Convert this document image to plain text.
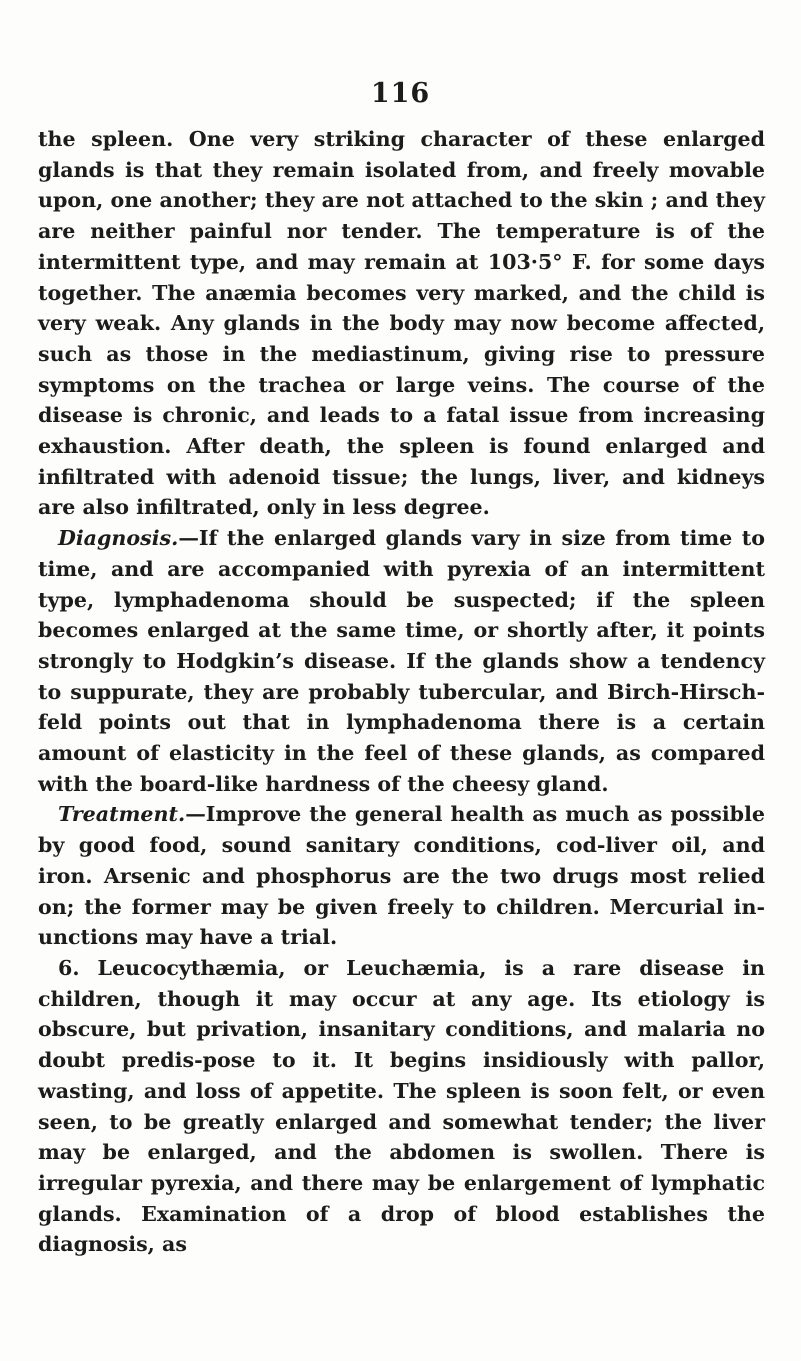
116

the spleen. One very striking character of these enlarged glands is that they remain isolated from, and freely movable upon, one another; they are not attached to the skin ; and they are neither painful nor tender. The temperature is of the intermittent type, and may remain at 103·5° F. for some days together. The anæmia becomes very marked, and the child is very weak. Any glands in the body may now become affected, such as those in the mediastinum, giving rise to pressure symptoms on the trachea or large veins. The course of the disease is chronic, and leads to a fatal issue from increasing exhaustion. After death, the spleen is found enlarged and infiltrated with adenoid tissue; the lungs, liver, and kidneys are also infiltrated, only in less degree.

Diagnosis.—If the enlarged glands vary in size from time to time, and are accompanied with pyrexia of an intermittent type, lymphadenoma should be suspected; if the spleen becomes enlarged at the same time, or shortly after, it points strongly to Hodgkin’s disease. If the glands show a tendency to suppurate, they are probably tubercular, and Birch-Hirsch-feld points out that in lymphadenoma there is a certain amount of elasticity in the feel of these glands, as compared with the board-like hardness of the cheesy gland.

Treatment.—Improve the general health as much as possible by good food, sound sanitary conditions, cod-liver oil, and iron. Arsenic and phosphorus are the two drugs most relied on; the former may be given freely to children. Mercurial in-unctions may have a trial.

6. Leucocythæmia, or Leuchæmia, is a rare disease in children, though it may occur at any age. Its etiology is obscure, but privation, insanitary conditions, and malaria no doubt predis-pose to it. It begins insidiously with pallor, wasting, and loss of appetite. The spleen is soon felt, or even seen, to be greatly enlarged and somewhat tender; the liver may be enlarged, and the abdomen is swollen. There is irregular pyrexia, and there may be enlargement of lymphatic glands. Examination of a drop of blood establishes the diagnosis, as
